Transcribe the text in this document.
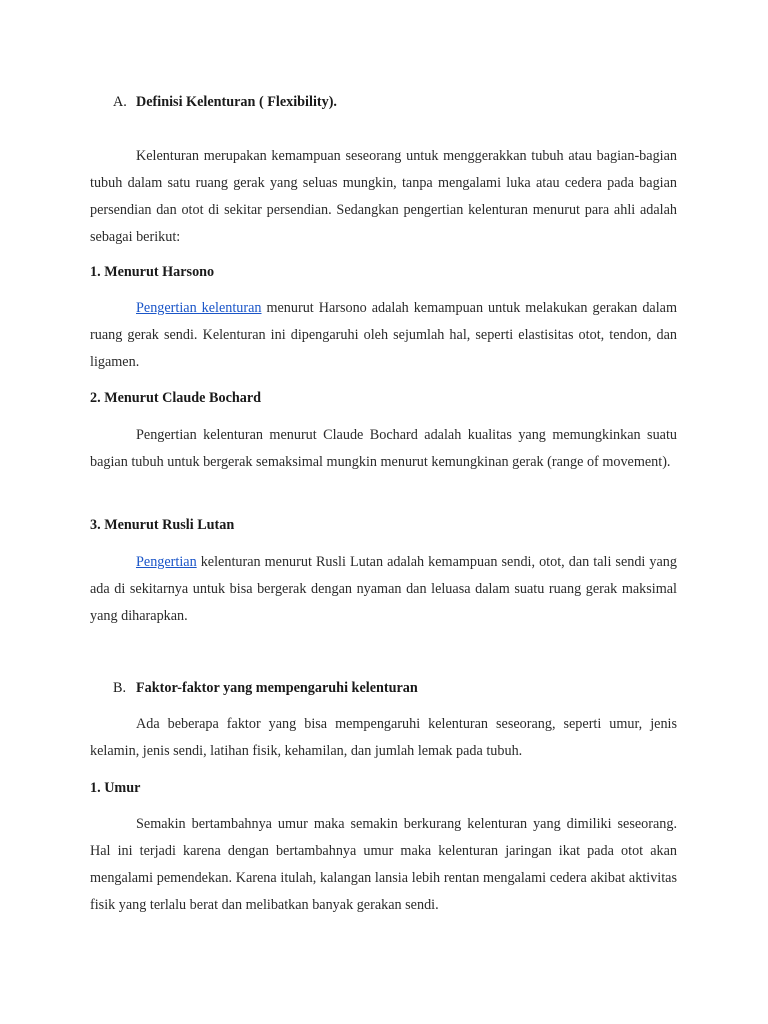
A. Definisi Kelenturan ( Flexibility).

Kelenturan merupakan kemampuan seseorang untuk menggerakkan tubuh atau bagian-bagian tubuh dalam satu ruang gerak yang seluas mungkin, tanpa mengalami luka atau cedera pada bagian persendian dan otot di sekitar persendian. Sedangkan pengertian kelenturan menurut para ahli adalah sebagai berikut:

1. Menurut Harsono

Pengertian kelenturan menurut Harsono adalah kemampuan untuk melakukan gerakan dalam ruang gerak sendi. Kelenturan ini dipengaruhi oleh sejumlah hal, seperti elastisitas otot, tendon, dan ligamen.

2. Menurut Claude Bochard

Pengertian kelenturan menurut Claude Bochard adalah kualitas yang memungkinkan suatu bagian tubuh untuk bergerak semaksimal mungkin menurut kemungkinan gerak (range of movement).

3. Menurut Rusli Lutan

Pengertian kelenturan menurut Rusli Lutan adalah kemampuan sendi, otot, dan tali sendi yang ada di sekitarnya untuk bisa bergerak dengan nyaman dan leluasa dalam suatu ruang gerak maksimal yang diharapkan.

B. Faktor-faktor yang mempengaruhi kelenturan

Ada beberapa faktor yang bisa mempengaruhi kelenturan seseorang, seperti umur, jenis kelamin, jenis sendi, latihan fisik, kehamilan, dan jumlah lemak pada tubuh.

1. Umur

Semakin bertambahnya umur maka semakin berkurang kelenturan yang dimiliki seseorang. Hal ini terjadi karena dengan bertambahnya umur maka kelenturan jaringan ikat pada otot akan mengalami pemendekan. Karena itulah, kalangan lansia lebih rentan mengalami cedera akibat aktivitas fisik yang terlalu berat dan melibatkan banyak gerakan sendi.
